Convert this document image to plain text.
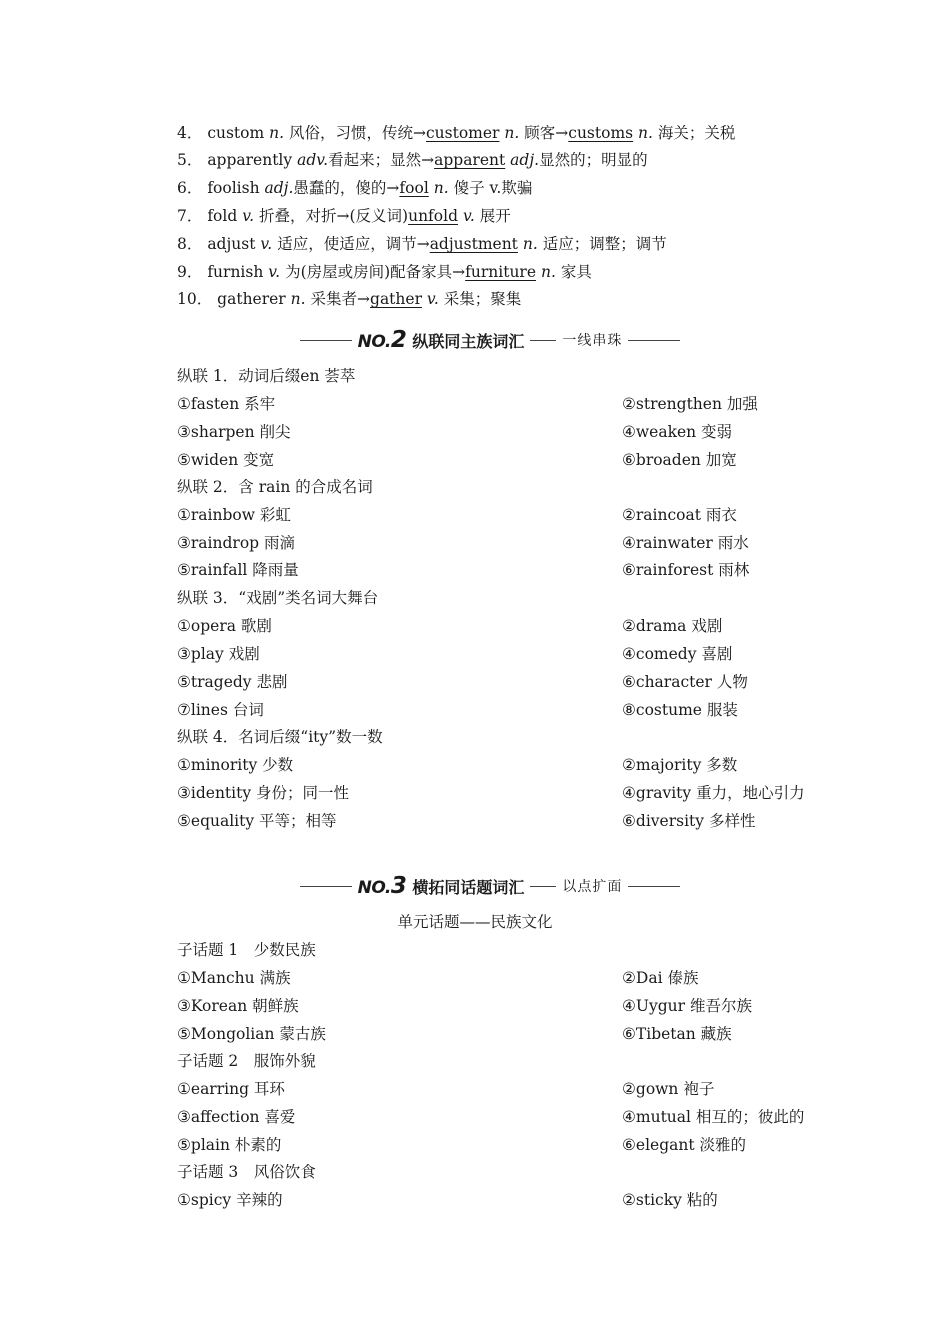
4． custom n. 风俗，习惯，传统→customer n. 顾客→customs n. 海关；关税
5． apparently adv.看起来；显然→apparent adj.显然的；明显的
6． foolish adj.愚蠢的，傻的→fool n. 傻子 v.欺骗
7． fold v. 折叠，对折→(反义词)unfold v. 展开
8． adjust v. 适应，使适应，调节→adjustment n. 适应；调整；调节
9． furnish v. 为(房屋或房间)配备家具→furniture n. 家具
10． gatherer n. 采集者→gather v. 采集；聚集
NO.2 纵联同主族词汇	一线串珠
纵联 1．动词后缀en 荟萃
①fasten 系牢	②strengthen 加强
③sharpen 削尖	④weaken 变弱
⑤widen 变宽	⑥broaden 加宽
纵联 2．含 rain 的合成名词
①rainbow 彩虹	②raincoat 雨衣
③raindrop 雨滴	④rainwater 雨水
⑤rainfall 降雨量	⑥rainforest 雨林
纵联 3．“戏剧”类名词大舞台
①opera 歌剧	②drama 戏剧
③play 戏剧	④comedy 喜剧
⑤tragedy 悲剧	⑥character 人物
⑦lines 台词	⑧costume 服装
纵联 4．名词后缀“ity”数一数
①minority 少数	②majority 多数
③identity 身份；同一性	④gravity 重力，地心引力
⑤equality 平等；相等	⑥diversity 多样性
NO.3 横拓同话题词汇	以点扩面
单元话题——民族文化
子话题 1　少数民族
①Manchu 满族	②Dai 傣族
③Korean 朝鲜族	④Uygur 维吾尔族
⑤Mongolian 蒙古族	⑥Tibetan 藏族
子话题 2　服饰外貌
①earring 耳环	②gown 袍子
③affection 喜爱	④mutual 相互的；彼此的
⑤plain 朴素的	⑥elegant 淡雅的
子话题 3　风俗饮食
①spicy 辛辣的	②sticky 粘的
